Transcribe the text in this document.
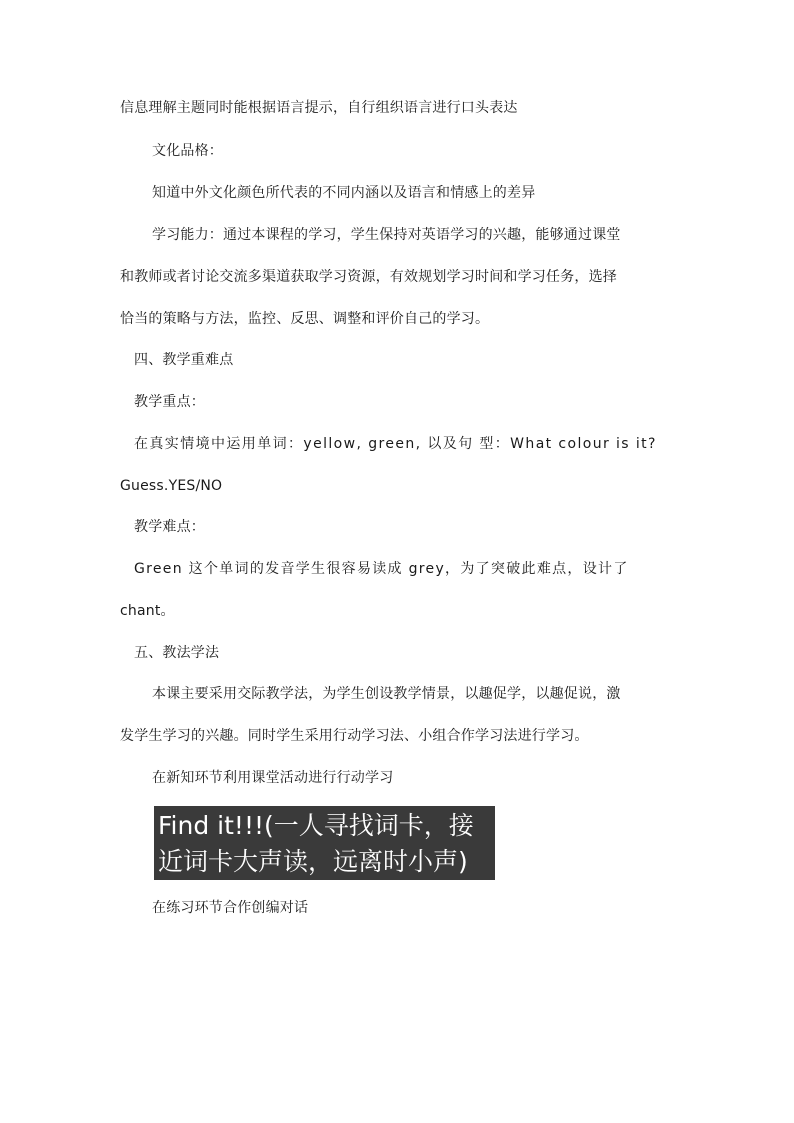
信息理解主题同时能根据语言提示，自行组织语言进行口头表达
文化品格：
知道中外文化颜色所代表的不同内涵以及语言和情感上的差异
学习能力：通过本课程的学习，学生保持对英语学习的兴趣，能够通过课堂
和教师或者讨论交流多渠道获取学习资源，有效规划学习时间和学习任务，选择
恰当的策略与方法，监控、反思、调整和评价自己的学习。
四、教学重难点
教学重点：
在真实情境中运用单词：yellow, green, 以及句 型：What colour is it?
Guess.YES/NO
教学难点：
Green 这个单词的发音学生很容易读成 grey，为了突破此难点，设计了
chant。
五、教法学法
本课主要采用交际教学法，为学生创设教学情景，以趣促学，以趣促说，激
发学生学习的兴趣。同时学生采用行动学习法、小组合作学习法进行学习。
在新知环节利用课堂活动进行行动学习
Find it!!!(一人寻找词卡，接
近词卡大声读，远离时小声)
在练习环节合作创编对话
